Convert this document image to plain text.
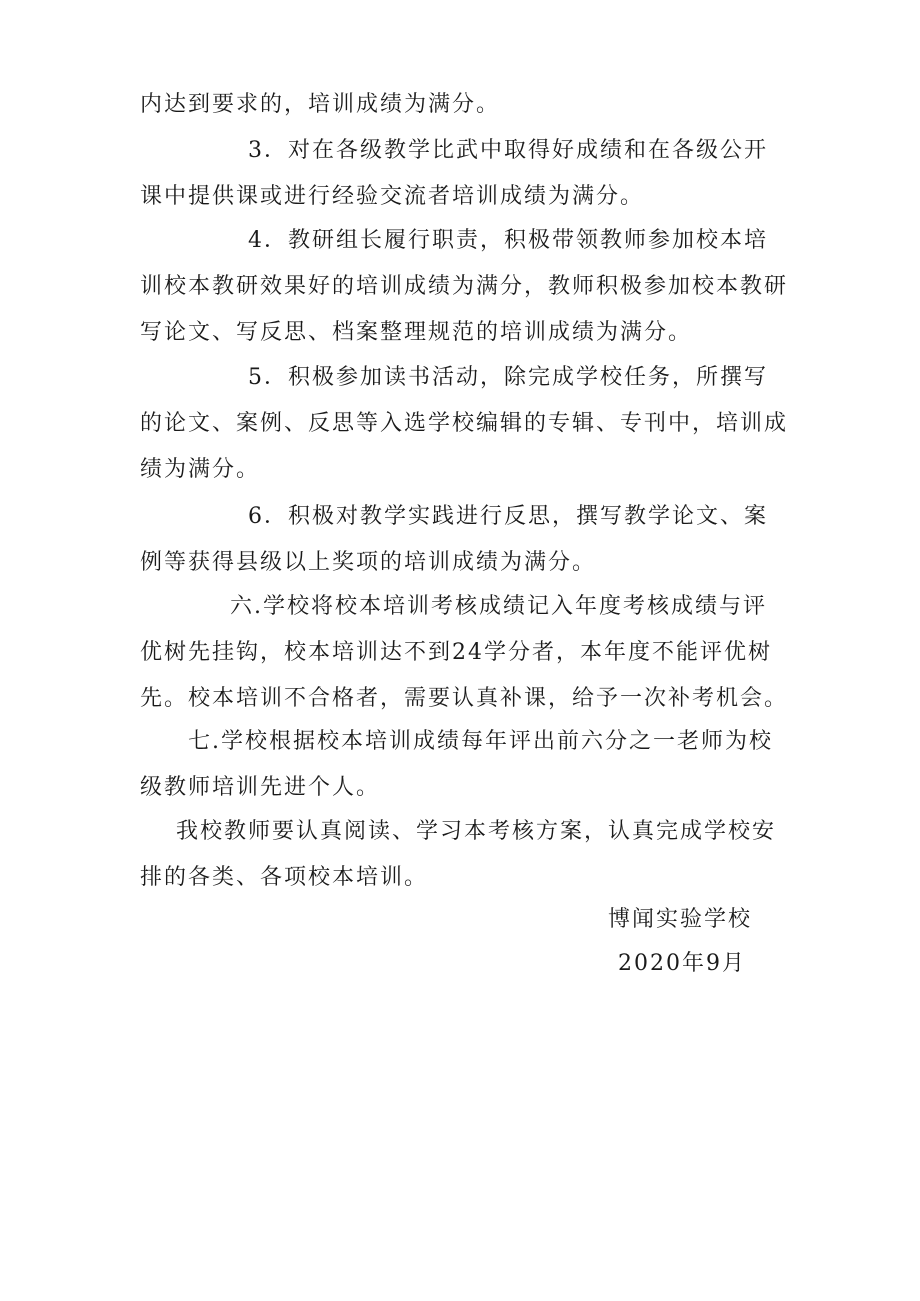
内达到要求的，培训成绩为满分。

3．对在各级教学比武中取得好成绩和在各级公开课中提供课或进行经验交流者培训成绩为满分。

4．教研组长履行职责，积极带领教师参加校本培训校本教研效果好的培训成绩为满分，教师积极参加校本教研写论文、写反思、档案整理规范的培训成绩为满分。

5．积极参加读书活动，除完成学校任务，所撰写的论文、案例、反思等入选学校编辑的专辑、专刊中，培训成绩为满分。

6．积极对教学实践进行反思，撰写教学论文、案例等获得县级以上奖项的培训成绩为满分。

六.学校将校本培训考核成绩记入年度考核成绩与评优树先挂钩，校本培训达不到24学分者，本年度不能评优树先。校本培训不合格者，需要认真补课，给予一次补考机会。

七.学校根据校本培训成绩每年评出前六分之一老师为校级教师培训先进个人。

我校教师要认真阅读、学习本考核方案，认真完成学校安排的各类、各项校本培训。

博闻实验学校

2020年9月
